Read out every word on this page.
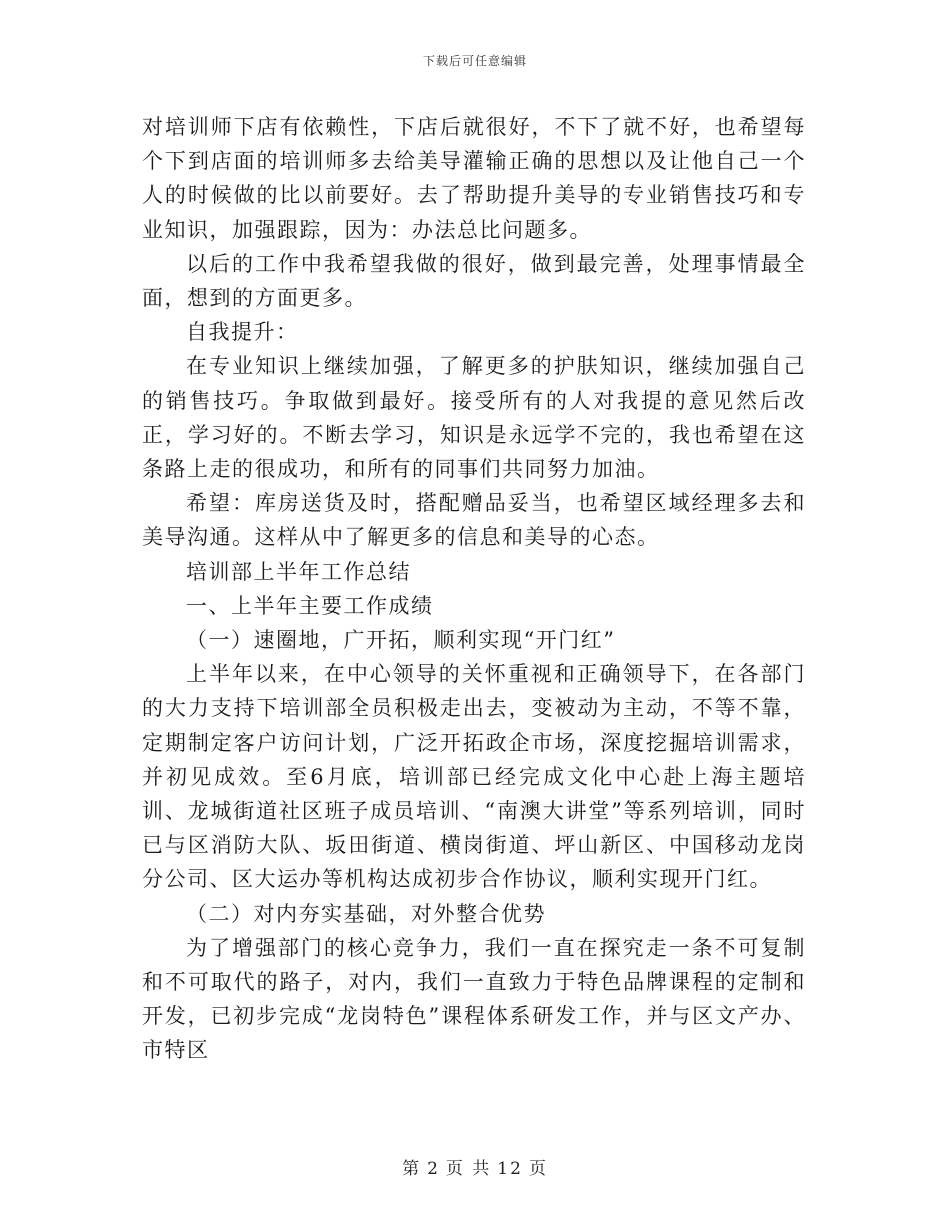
下载后可任意编辑

对培训师下店有依赖性，下店后就很好，不下了就不好，也希望每个下到店面的培训师多去给美导灌输正确的思想以及让他自己一个人的时候做的比以前要好。去了帮助提升美导的专业销售技巧和专业知识，加强跟踪，因为：办法总比问题多。

以后的工作中我希望我做的很好，做到最完善，处理事情最全面，想到的方面更多。

自我提升：

在专业知识上继续加强，了解更多的护肤知识，继续加强自己的销售技巧。争取做到最好。接受所有的人对我提的意见然后改正，学习好的。不断去学习，知识是永远学不完的，我也希望在这条路上走的很成功，和所有的同事们共同努力加油。

希望：库房送货及时，搭配赠品妥当，也希望区域经理多去和美导沟通。这样从中了解更多的信息和美导的心态。

培训部上半年工作总结

一、上半年主要工作成绩

（一）速圈地，广开拓，顺利实现“开门红”

上半年以来，在中心领导的关怀重视和正确领导下，在各部门的大力支持下培训部全员积极走出去，变被动为主动，不等不靠，定期制定客户访问计划，广泛开拓政企市场，深度挖掘培训需求，并初见成效。至6月底，培训部已经完成文化中心赴上海主题培训、龙城街道社区班子成员培训、“南澳大讲堂”等系列培训，同时已与区消防大队、坂田街道、横岗街道、坪山新区、中国移动龙岗分公司、区大运办等机构达成初步合作协议，顺利实现开门红。

（二）对内夯实基础，对外整合优势

为了增强部门的核心竞争力，我们一直在探究走一条不可复制和不可取代的路子，对内，我们一直致力于特色品牌课程的定制和开发，已初步完成“龙岗特色”课程体系研发工作，并与区文产办、市特区

第 2 页 共 12 页
